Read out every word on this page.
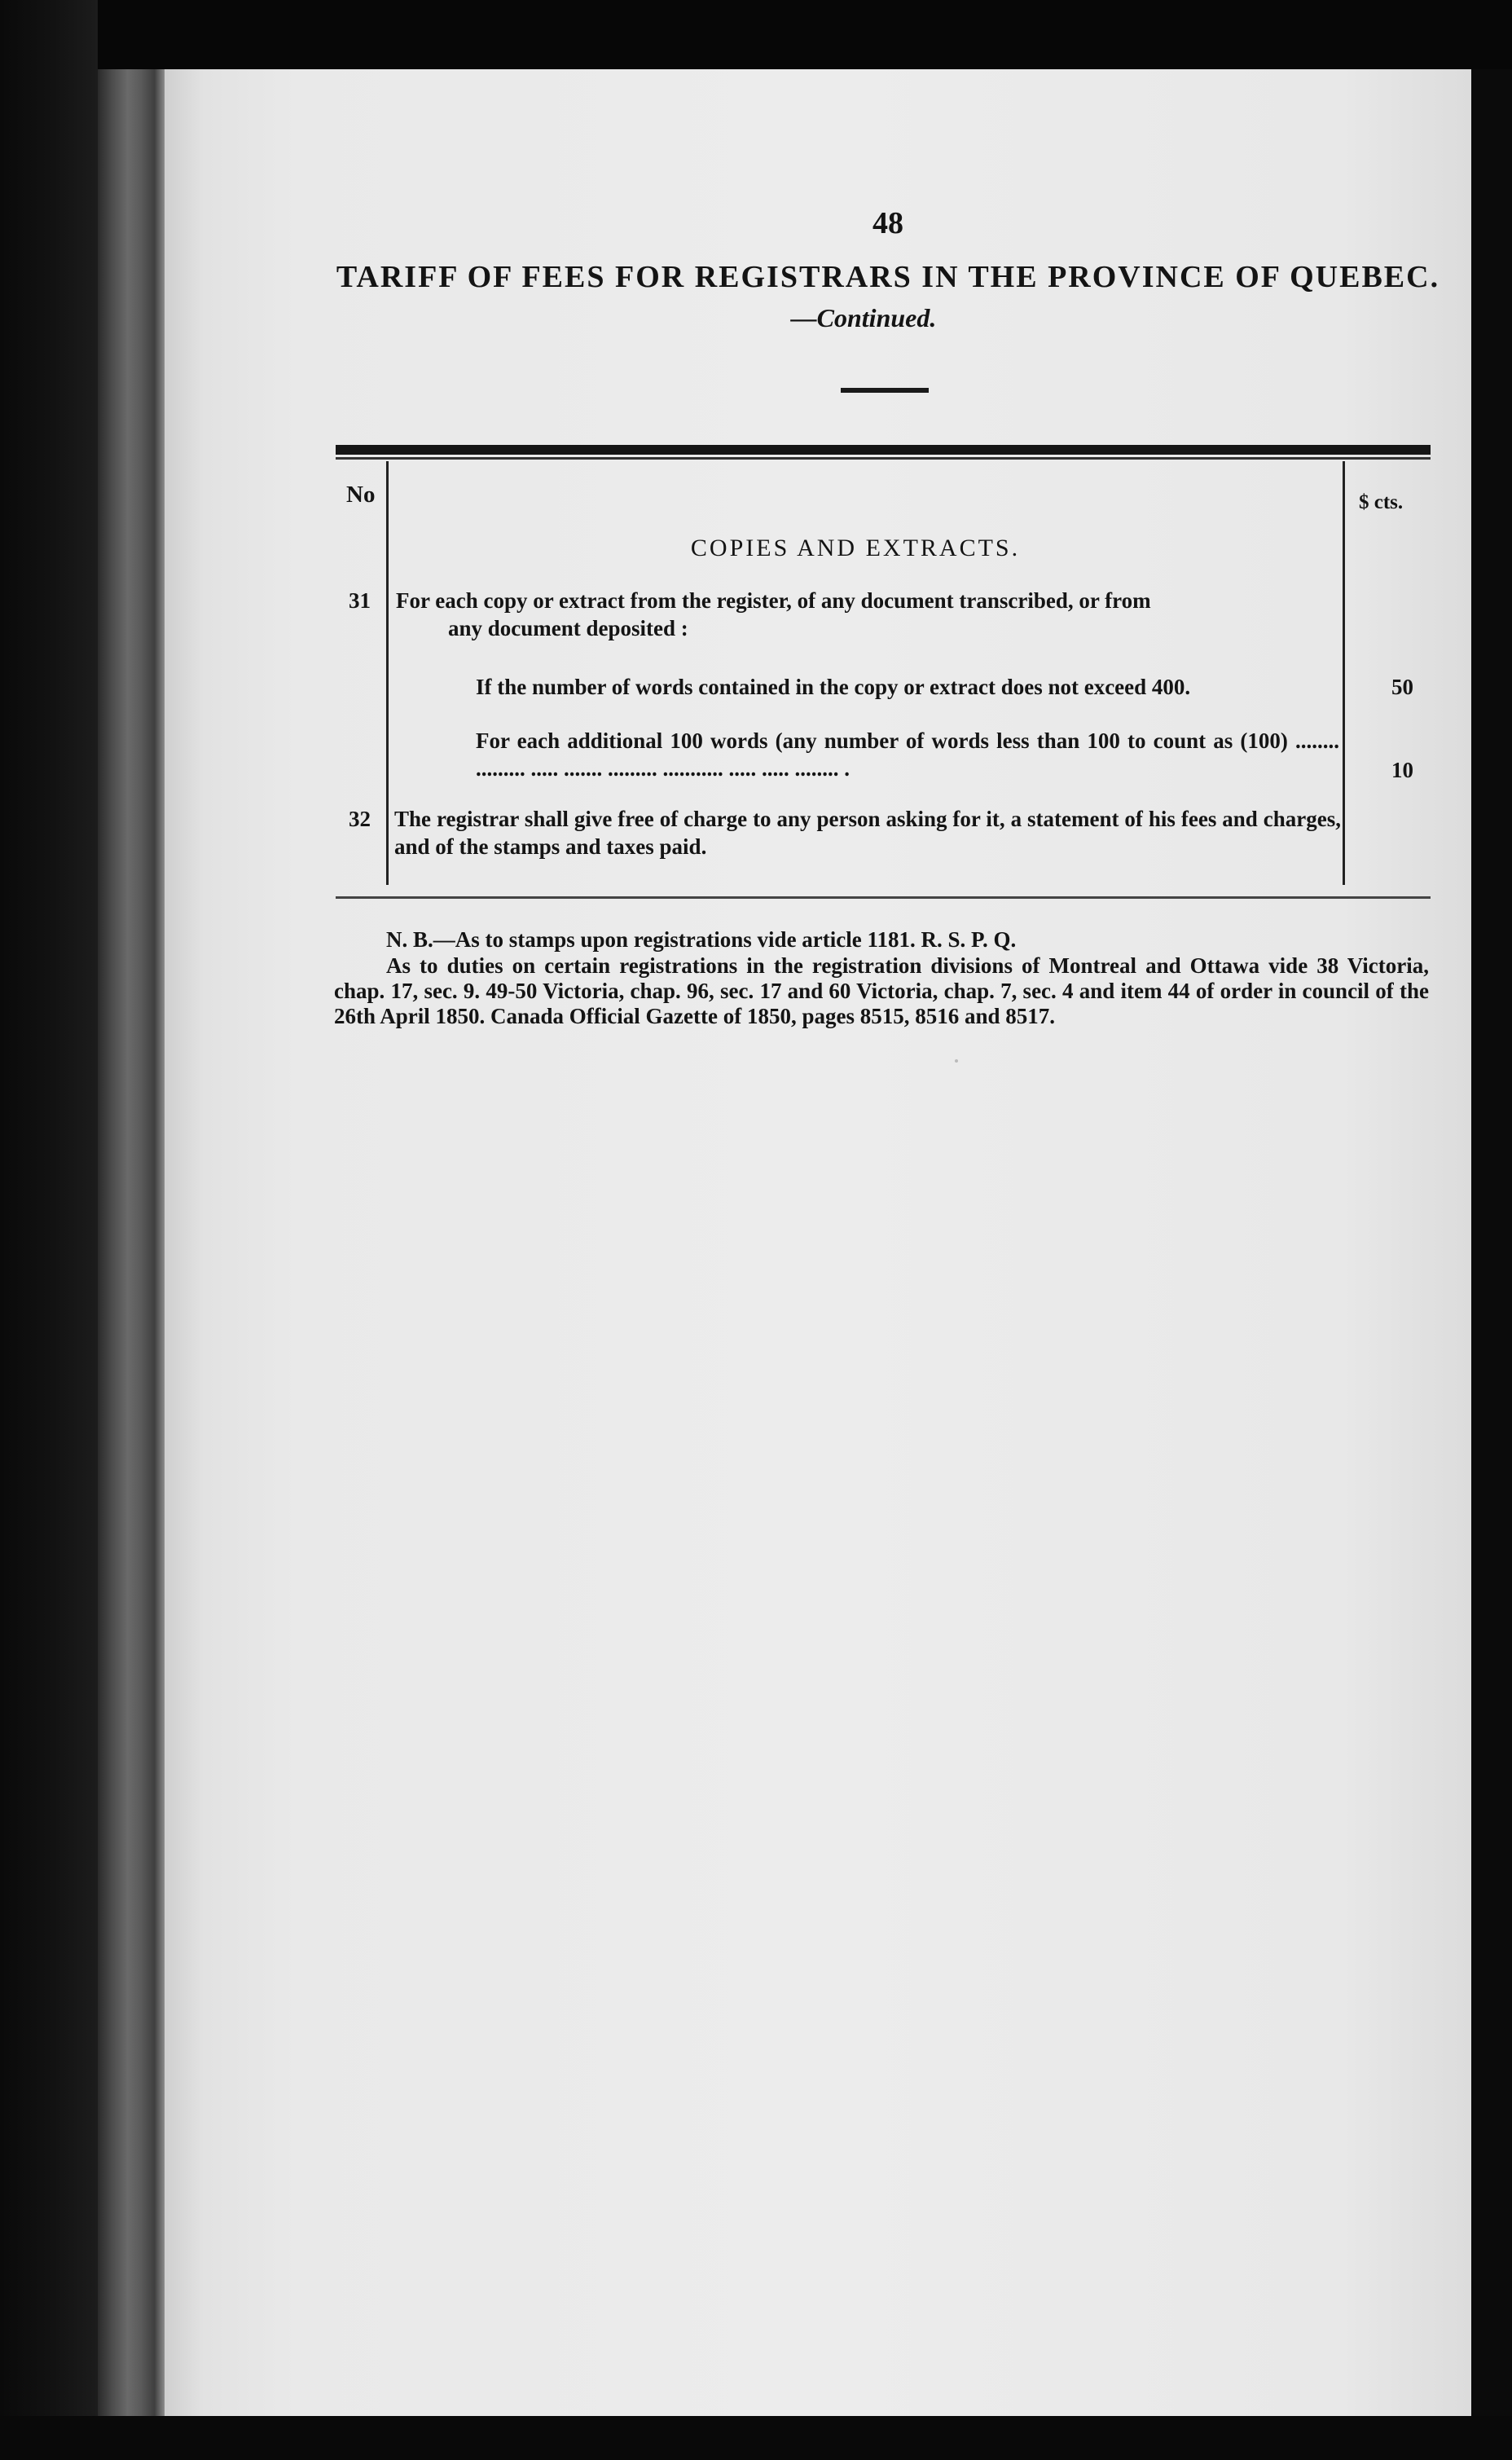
48
TARIFF OF FEES FOR REGISTRARS IN THE PROVINCE OF QUEBEC.
—Continued.
No	$ cts.
COPIES AND EXTRACTS.
31 For each copy or extract from the register, of any document transcribed, or from
any document deposited :
If the number of words contained in the copy or extract does not exceed 400.	50
For each additional 100 words (any number of words less than 100 to count as (100) ........ ......... ..... ....... ......... ........... ..... ..... ........ .	10
32 The registrar shall give free of charge to any person asking for it, a statement of his fees and charges, and of the stamps and taxes paid.
N. B.—As to stamps upon registrations vide article 1181. R. S. P. Q.
As to duties on certain registrations in the registration divisions of Montreal and Ottawa vide 38 Victoria, chap. 17, sec. 9. 49-50 Victoria, chap. 96, sec. 17 and 60 Victoria, chap. 7, sec. 4 and item 44 of order in council of the 26th April 1850. Canada Official Gazette of 1850, pages 8515, 8516 and 8517.
